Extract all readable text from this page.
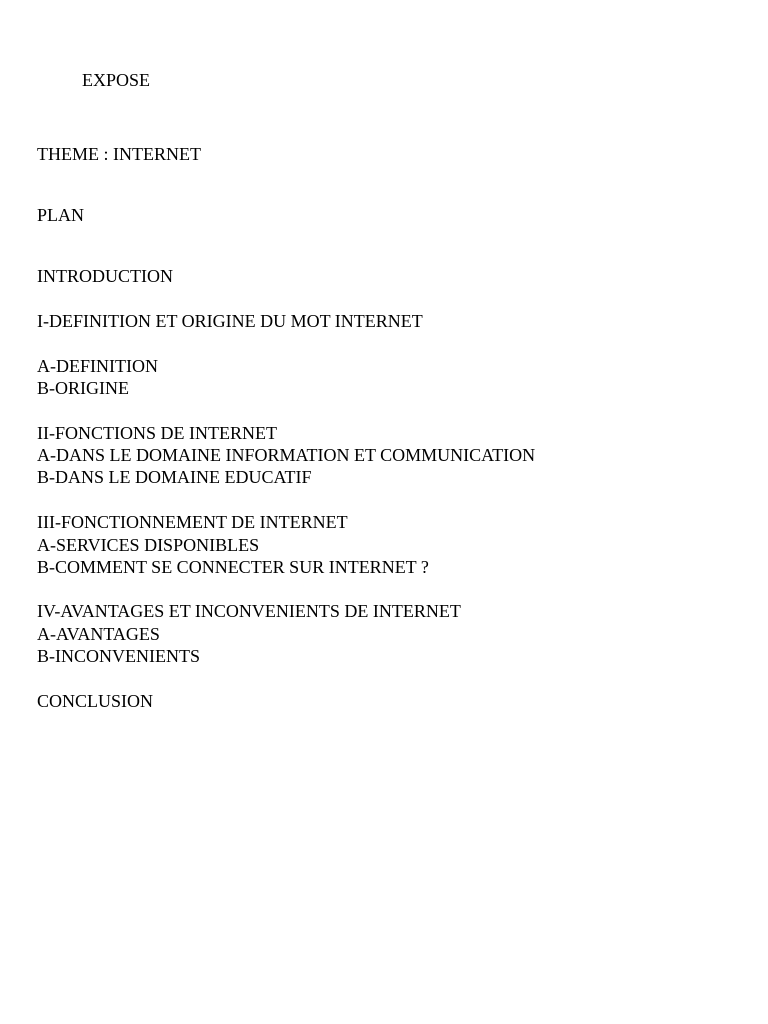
EXPOSE
THEME : INTERNET
PLAN
INTRODUCTION
I-DEFINITION ET ORIGINE DU MOT INTERNET
A-DEFINITION
B-ORIGINE
II-FONCTIONS DE INTERNET
A-DANS LE DOMAINE INFORMATION ET COMMUNICATION
B-DANS LE DOMAINE EDUCATIF
III-FONCTIONNEMENT DE INTERNET
A-SERVICES DISPONIBLES
B-COMMENT SE CONNECTER SUR INTERNET ?
IV-AVANTAGES ET INCONVENIENTS DE INTERNET
A-AVANTAGES
B-INCONVENIENTS
CONCLUSION
